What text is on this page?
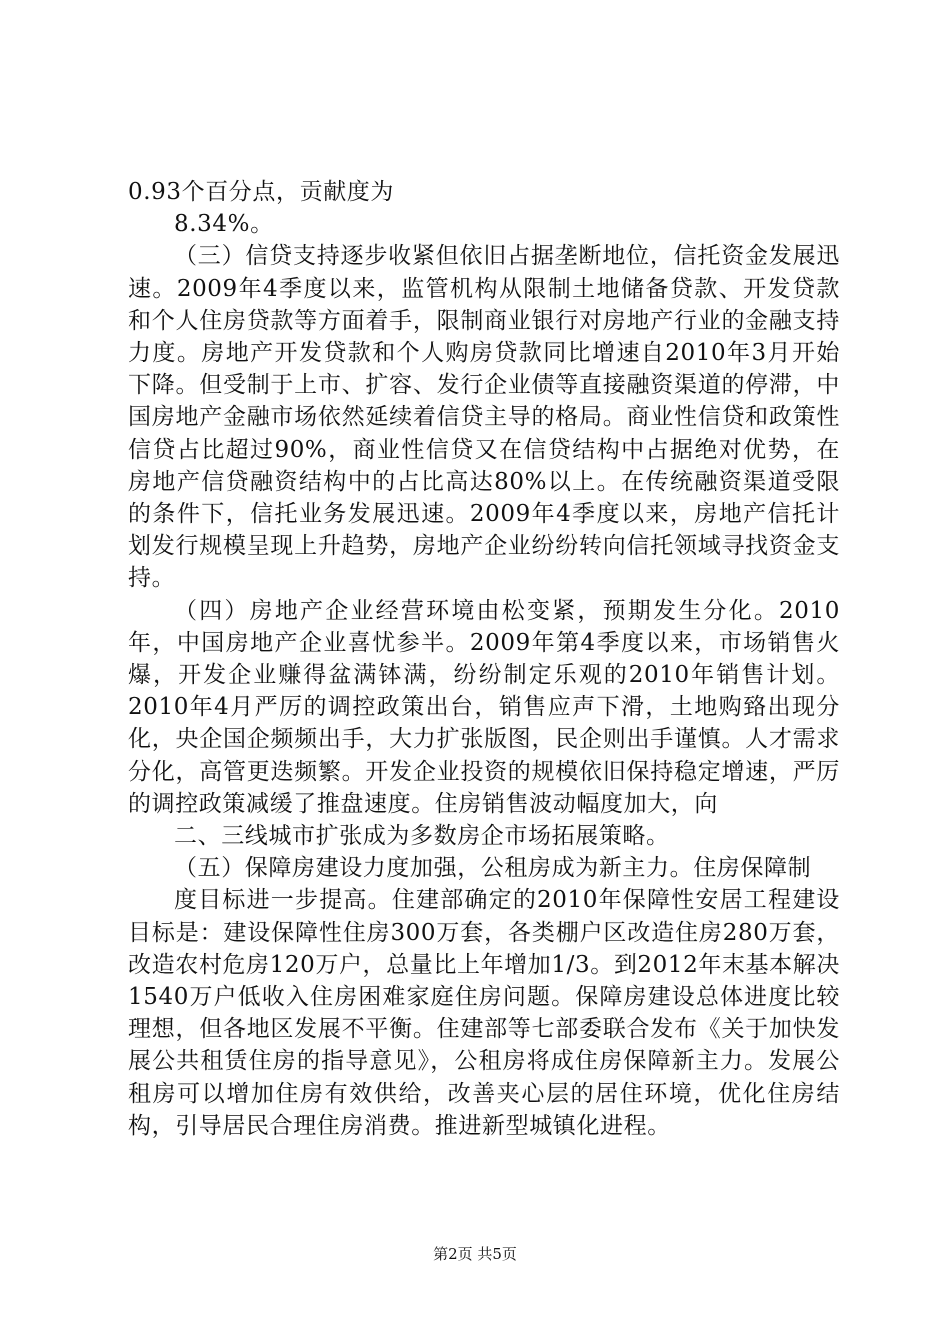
0.93个百分点，贡献度为

8.34%。

（三）信贷支持逐步收紧但依旧占据垄断地位，信托资金发展迅速。2009年4季度以来，监管机构从限制土地储备贷款、开发贷款和个人住房贷款等方面着手，限制商业银行对房地产行业的金融支持力度。房地产开发贷款和个人购房贷款同比增速自2010年3月开始下降。但受制于上市、扩容、发行企业债等直接融资渠道的停滞，中国房地产金融市场依然延续着信贷主导的格局。商业性信贷和政策性信贷占比超过90%，商业性信贷又在信贷结构中占据绝对优势，在房地产信贷融资结构中的占比高达80%以上。在传统融资渠道受限的条件下，信托业务发展迅速。2009年4季度以来，房地产信托计划发行规模呈现上升趋势，房地产企业纷纷转向信托领域寻找资金支持。

（四）房地产企业经营环境由松变紧，预期发生分化。2010年，中国房地产企业喜忧参半。2009年第4季度以来，市场销售火爆，开发企业赚得盆满钵满，纷纷制定乐观的2010年销售计划。2010年4月严厉的调控政策出台，销售应声下滑，土地购臵出现分化，央企国企频频出手，大力扩张版图，民企则出手谨慎。人才需求分化，高管更迭频繁。开发企业投资的规模依旧保持稳定增速，严厉的调控政策减缓了推盘速度。住房销售波动幅度加大，向

二、三线城市扩张成为多数房企市场拓展策略。

（五）保障房建设力度加强，公租房成为新主力。住房保障制

度目标进一步提高。住建部确定的2010年保障性安居工程建设目标是：建设保障性住房300万套，各类棚户区改造住房280万套，改造农村危房120万户，总量比上年增加1/3。到2012年末基本解决1540万户低收入住房困难家庭住房问题。保障房建设总体进度比较理想，但各地区发展不平衡。住建部等七部委联合发布《关于加快发展公共租赁住房的指导意见》，公租房将成住房保障新主力。发展公租房可以增加住房有效供给，改善夹心层的居住环境，优化住房结构，引导居民合理住房消费。推进新型城镇化进程。

第2页 共5页
